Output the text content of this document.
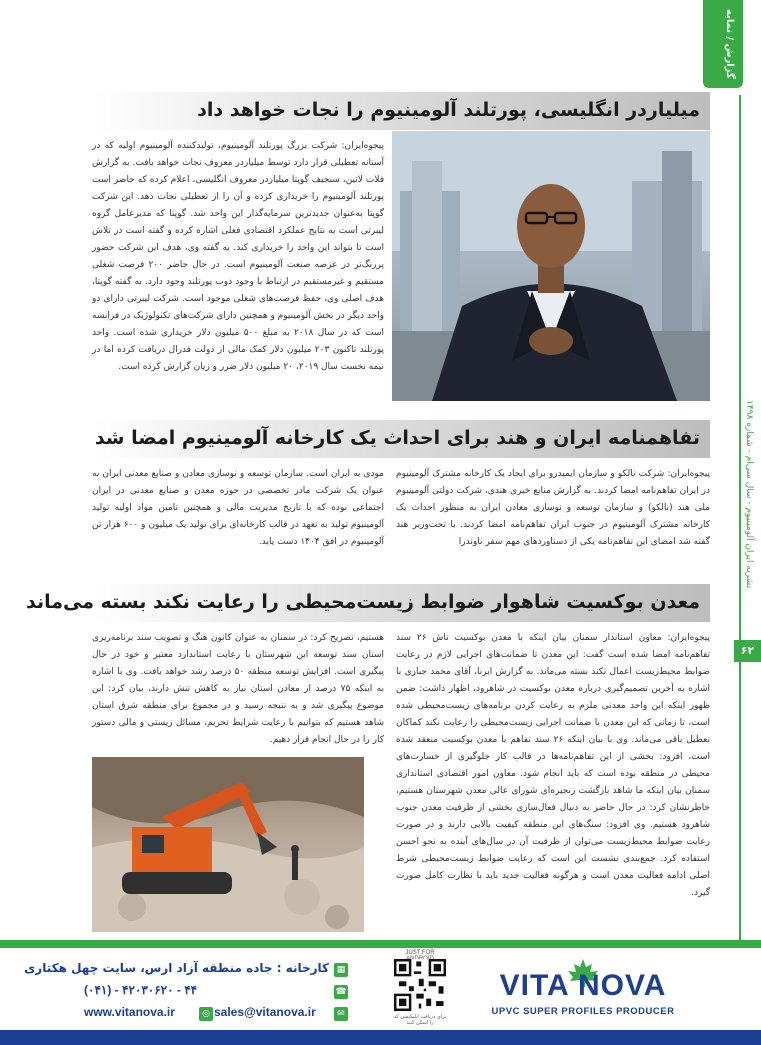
گزارش / نمایه
نشریه ایران آلومینیوم - سال سی‌ام - شماره ۱۴۹۸
۶۲
میلیاردر انگلیسی، پورتلند آلومینیوم را نجات خواهد داد
پیجوه‌ایران: شرکت بزرگ پورتلند آلومینیوم، تولیدکننده آلومینیوم اولیه که در آستانه تعطیلی قرار دارد توسط میلیاردر معروف نجات خواهد یافت. به گزارش فلات لاتین، سنجیف گوپتا میلیاردر معروف انگلیسی، اعلام کرده که حاضر است پورتلند آلومینیوم را خریداری کرده و آن را از تعطیلی نجات دهد. این شرکت گوپتا به‌عنوان جدیدترین سرمایه‌گذار این واحد شد. گوپتا که مدیرعامل گروه لیبرتی است به نتایج عملکرد اقتصادی فعلی اشاره کرده و گفته است در تلاش است تا بتواند این واحد را خریداری کند. به گفته وی، هدف این شرکت حضور پررنگ‌تر در عرصه صنعت آلومینیوم است. در حال حاضر ۲۰۰ فرصت شغلی مستقیم و غیرمستقیم در ارتباط با وجود ذوب پورتلند وجود دارد. به گفته گوپتا، هدف اصلی وی، حفظ فرصت‌های شغلی موجود است. شرکت لیبرتی دارای دو واحد دیگر در بخش آلومینیوم و همچنین دارای شرکت‌های تکنولوژیک در فرانسه است که در سال ۲۰۱۸ به مبلغ ۵۰۰ میلیون دلار خریداری شده است. واحد پورتلند تاکنون ۲۰۳ میلیون دلار کمک مالی از دولت فدرال دریافت کرده اما در نیمه نخست سال ۲۰۱۹، ۲۰ میلیون دلار ضرر و زیان گزارش کرده است.
تفاهمنامه ایران و هند برای احداث یک کارخانه آلومینیوم امضا شد
پیجوه‌ایران: شرکت نالکو و سازمان ایمیدرو برای ایجاد یک کارخانه مشترک آلومینیوم در ایران تفاهم‌نامه امضا کردند. به گزارش منابع خبری هندی، شرکت دولتی آلومینیوم ملی هند (نالکو) و سازمان توسعه و نوسازی معادن ایران به منظور احداث یک کارخانه مشترک آلومینیوم در جنوب ایران تفاهم‌نامه امضا کردند. با تحت‌وزیر هند گفته شد امضای این تفاهم‌نامه یکی از دستاوردهای مهم سفر ناوندرا
مودی به ایران است. سازمان توسعه و نوسازی معادن و صنایع معدنی ایران به عنوان یک شرکت مادر تخصصی در حوزه معدن و صنایع معدنی در ایران اجتماعی بوده که با تاریخ مدیریت مالی و همچنین تامین مواد اولیه تولید آلومینیوم تولید به تعهد در قالب کارخانه‌ای برای تولید یک میلیون و ۶۰۰ هزار تن آلومینیوم در افق ۱۴۰۴ دست یابد.
معدن بوکسیت شاهوار ضوابط زیست‌محیطی را رعایت نکند بسته می‌ماند
پیجوه‌ایران: معاون استاندار سمنان بیان اینکه با معدن بوکسیت تاش ۲۶ سند تفاهم‌نامه امضا شده است گفت: این معدن تا ضمانت‌های اجرایی لازم در رعایت ضوابط محیط‌زیست اعمال نکند بسته می‌ماند. به گزارش ایرنا، آقای محمد جباری با اشاره به آخرین تصمیم‌گیری درباره معدن بوکسیت در شاهرود، اظهار داشت: ضمن ظهور اینکه این واحد معدنی ملزم به رعایت کردن برنامه‌های زیست‌محیطی شده است، تا زمانی که این معدن با ضمانت اجرایی زیست‌محیطی را رعایت نکند کماکان تعطیل باقی می‌ماند. وی با بیان اینکه ۲۶ سند تفاهم با معدن بوکسیت منعقد شده است، افزود: بخشی از این تفاهم‌نامه‌ها در قالب کار جلوگیری از خسارت‌های محیطی در منطقه بوده است که باید انجام شود. معاون امور اقتصادی استانداری سمنان بیان اینکه ما شاهد بازگشت زنجیره‌ای شورای عالی معدن شهرستان هستیم، خاطرنشان کرد: در حال حاضر به دنبال فعال‌سازی بخشی از ظرفیت معدن جنوب شاهرود هستیم. وی افزود: سنگ‌های این منطقه کیفیت بالایی دارند و در صورت رعایت ضوابط محیط‌زیست می‌توان از ظرفیت آن در سال‌های آینده به نحو احسن استفاده کرد. جمع‌بندی نشست این است که رعایت ضوابط زیست‌محیطی شرط اصلی ادامه فعالیت معدن است و هرگونه فعالیت جدید باید با نظارت کامل صورت گیرد.
هستیم، تصریح کرد: در سمنان به عنوان کانون هنگ و تصویب سند برنامه‌ریزی استان سند توسعه این شهرستان با رعایت استاندارد معتبر و خود در حال پیگیری است. افزایش توسعه منطقه ۵۰ درصد رشد خواهد یافت. وی با اشاره به اینکه ۷۵ درصد از معادن استان نیاز به کاهش تنش دارند، بیان کرد: این موضوع پیگیری شد و به نتیجه رسید و در مجموع برای منطقه شرق استان شاهد هستیم که بتوانیم با رعایت شرایط تحریم، مسائل زیستی و مالی دستور کار را در حال انجام قرار دهیم.
VITA NOVA
UPVC SUPER PROFILES PRODUCER
JUST FOR
برای دریافت اپلیکیشن کد را اسکن کنید
▦
کارخانه : جاده منطقه آزاد ارس، سایت چهل هکتاری
☎
(۰۴۱) - ۴۲۰۳۰۶۲۰ - ۴۴
✉
sales@vitanova.ir
◎
www.vitanova.ir
